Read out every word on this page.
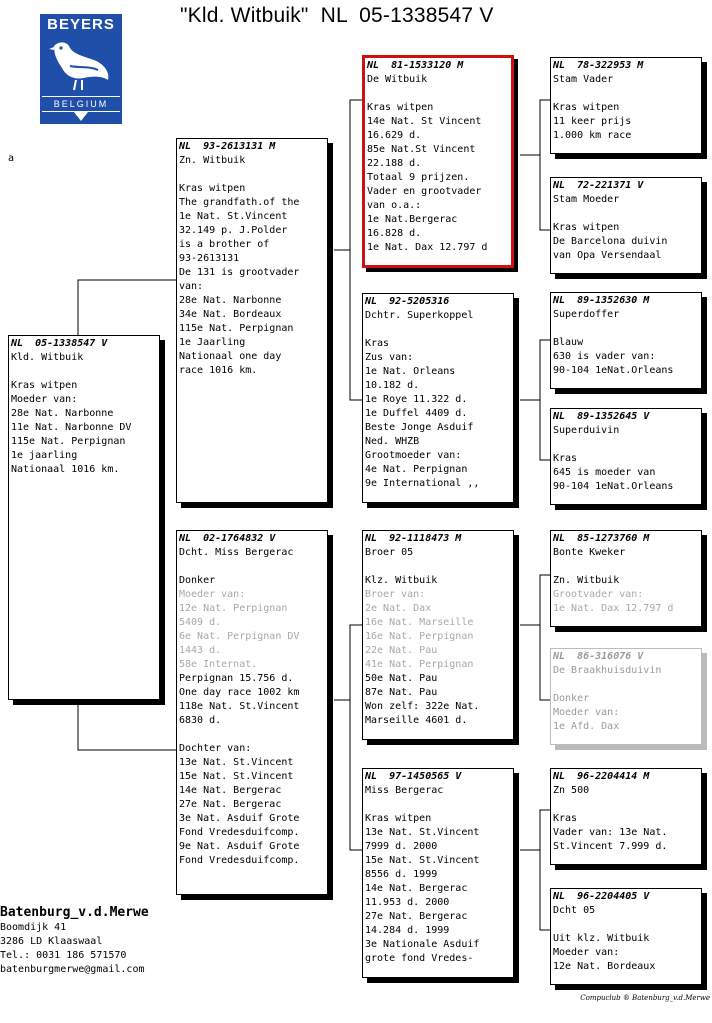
"Kld. Witbuik"  NL  05-1338547 V
BEYERS
BELGIUM
a
NL  05-1338547 V
Kld. Witbuik
Kras witpen
Moeder van:
28e Nat. Narbonne
11e Nat. Narbonne DV
115e Nat. Perpignan
1e jaarling
Nationaal 1016 km.
NL  93-2613131 M
Zn. Witbuik
Kras witpen
The grandfath.of the
1e Nat. St.Vincent
32.149 p. J.Polder
is a brother of
93-2613131
De 131 is grootvader
van:
28e Nat. Narbonne
34e Nat. Bordeaux
115e Nat. Perpignan
1e Jaarling
Nationaal one day
race 1016 km.
NL  02-1764832 V
Dcht. Miss Bergerac
Donker
Moeder van:
12e Nat. Perpignan
5409 d.
6e Nat. Perpignan DV
1443 d.
58e Internat.
Perpignan 15.756 d.
One day race 1002 km
118e Nat. St.Vincent
6830 d.
Dochter van:
13e Nat. St.Vincent
15e Nat. St.Vincent
14e Nat. Bergerac
27e Nat. Bergerac
3e Nat. Asduif Grote
Fond Vredesduifcomp.
9e Nat. Asduif Grote
Fond Vredesduifcomp.
NL  81-1533120 M
De Witbuik
Kras witpen
14e Nat. St Vincent
16.629 d.
85e Nat.St Vincent
22.188 d.
Totaal 9 prijzen.
Vader en grootvader
van o.a.:
1e Nat.Bergerac
16.828 d.
1e Nat. Dax 12.797 d
NL  92-5205316
Dchtr. Superkoppel
Kras
Zus van:
1e Nat. Orleans
10.182 d.
1e Roye 11.322 d.
1e Duffel 4409 d.
Beste Jonge Asduif
Ned. WHZB
Grootmoeder van:
4e Nat. Perpignan
9e International ,,
NL  92-1118473 M
Broer 05
Klz. Witbuik
Broer van:
2e Nat. Dax
16e Nat. Marseille
16e Nat. Perpignan
22e Nat. Pau
41e Nat. Perpignan
50e Nat. Pau
87e Nat. Pau
Won zelf: 322e Nat.
Marseille 4601 d.
NL  97-1450565 V
Miss Bergerac
Kras witpen
13e Nat. St.Vincent
7999 d. 2000
15e Nat. St.Vincent
8556 d. 1999
14e Nat. Bergerac
11.953 d. 2000
27e Nat. Bergerac
14.284 d. 1999
3e Nationale Asduif
grote fond Vredes-
NL  78-322953 M
Stam Vader
Kras witpen
11 keer prijs
1.000 km race
NL  72-221371 V
Stam Moeder
Kras witpen
De Barcelona duivin
van Opa Versendaal
NL  89-1352630 M
Superdoffer
Blauw
630 is vader van:
90-104 1eNat.Orleans
NL  89-1352645 V
Superduivin
Kras
645 is moeder van
90-104 1eNat.Orleans
NL  85-1273760 M
Bonte Kweker
Zn. Witbuik
Grootvader van:
1e Nat. Dax 12.797 d
NL  86-316076 V
De Braakhuisduivin
Donker
Moeder van:
1e Afd. Dax
NL  96-2204414 M
Zn 500
Kras
Vader van: 13e Nat.
St.Vincent 7.999 d.
NL  96-2204405 V
Dcht 05
Uit klz. Witbuik
Moeder van:
12e Nat. Bordeaux
Batenburg_v.d.Merwe
Boomdijk 41
3286 LD Klaaswaal
Tel.: 0031 186 571570
batenburgmerwe@gmail.com
Compuclub ® Batenburg_v.d.Merwe
